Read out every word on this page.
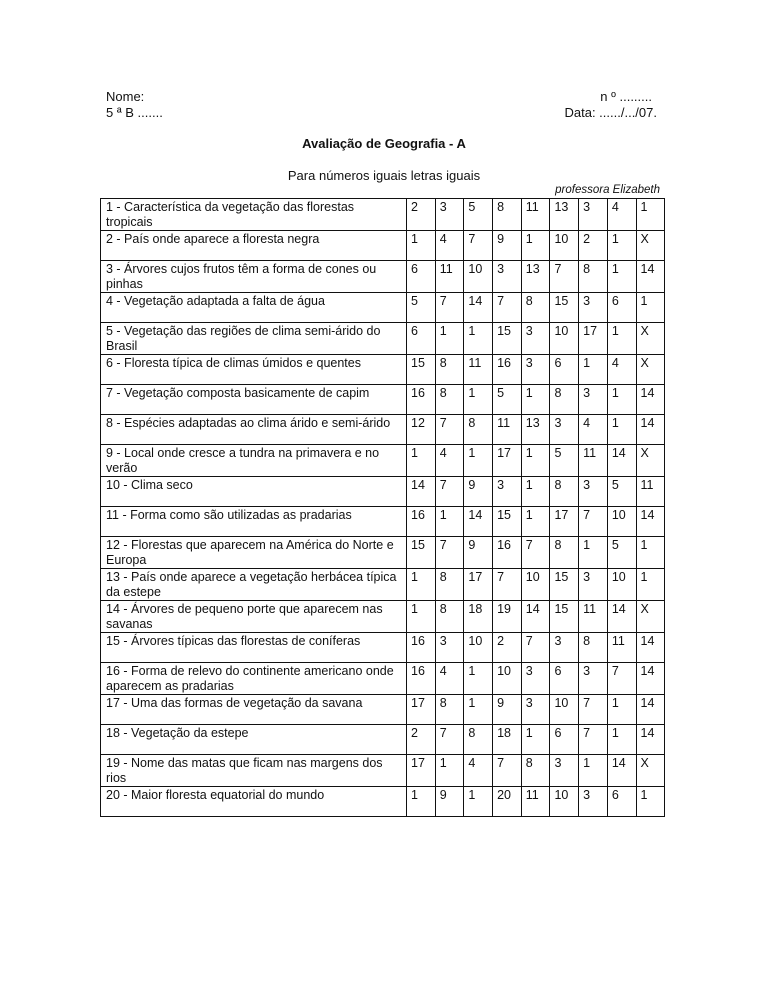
Nome:
5 ª B .......
n º .........
Data: ....../.../07.
Avaliação de Geografia - A
Para números iguais letras iguais
professora Elizabeth
1 - Característica da vegetação das florestas tropicais	2	3	5	8	11	13	3	4	1
2 - País onde aparece a floresta negra	1	4	7	9	1	10	2	1	X
3 - Árvores cujos frutos têm a forma de cones ou pinhas	6	11	10	3	13	7	8	1	14
4 - Vegetação adaptada a falta de água	5	7	14	7	8	15	3	6	1
5 - Vegetação das regiões de clima semi-árido do Brasil	6	1	1	15	3	10	17	1	X
6 - Floresta típica de climas úmidos e quentes	15	8	11	16	3	6	1	4	X
7 - Vegetação composta basicamente de capim	16	8	1	5	1	8	3	1	14
8 - Espécies adaptadas ao clima árido e semi-árido	12	7	8	11	13	3	4	1	14
9 - Local onde cresce a tundra na primavera e no verão	1	4	1	17	1	5	11	14	X
10 - Clima seco	14	7	9	3	1	8	3	5	11
11 - Forma como são utilizadas as pradarias	16	1	14	15	1	17	7	10	14
12 - Florestas que aparecem na América do Norte e Europa	15	7	9	16	7	8	1	5	1
13 - País onde aparece a vegetação herbácea típica da estepe	1	8	17	7	10	15	3	10	1
14 - Árvores de pequeno porte que aparecem nas savanas	1	8	18	19	14	15	11	14	X
15 - Árvores típicas das florestas de coníferas	16	3	10	2	7	3	8	11	14
16 - Forma de relevo do continente americano onde aparecem as pradarias	16	4	1	10	3	6	3	7	14
17 - Uma das formas de vegetação da savana	17	8	1	9	3	10	7	1	14
18 - Vegetação da estepe	2	7	8	18	1	6	7	1	14
19 - Nome das matas que ficam nas margens dos rios	17	1	4	7	8	3	1	14	X
20 - Maior floresta equatorial do mundo	1	9	1	20	11	10	3	6	1
